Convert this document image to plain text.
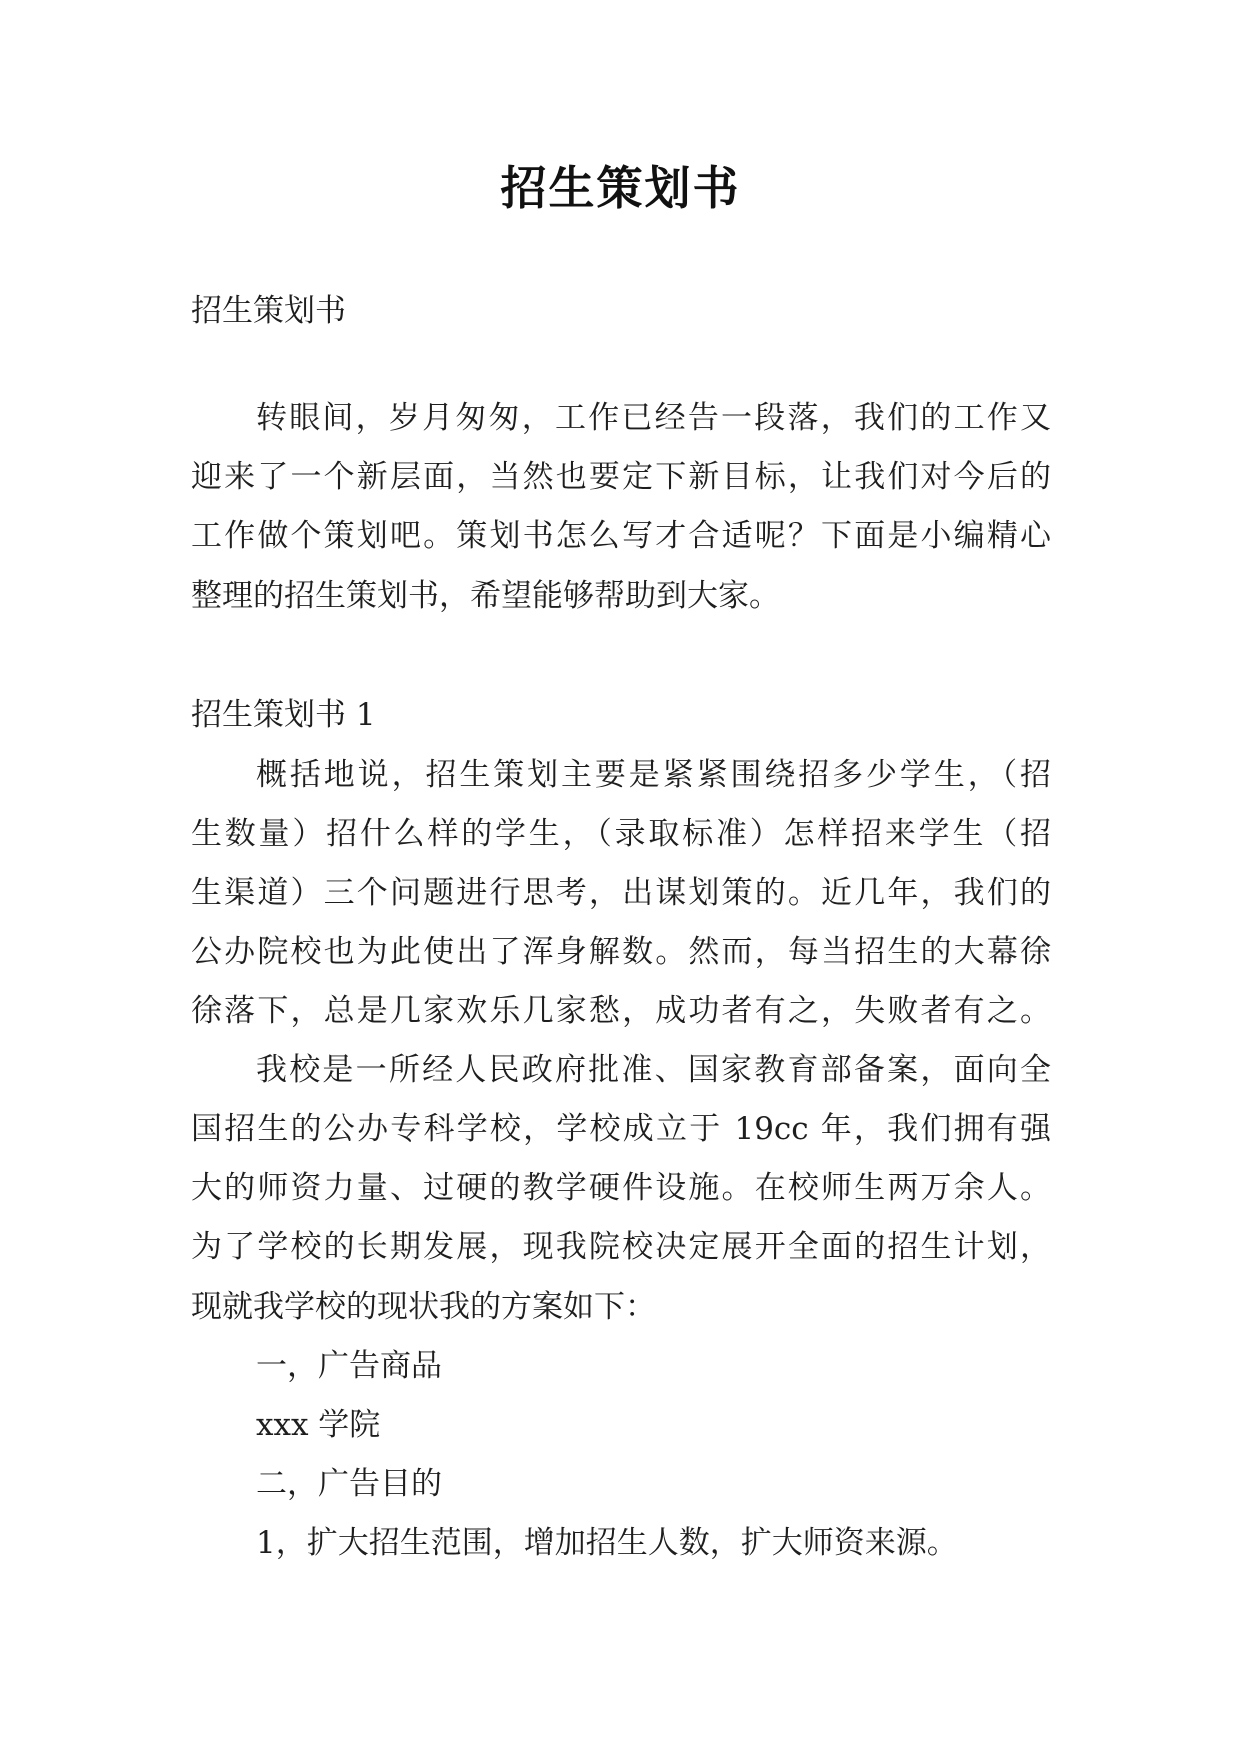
招生策划书
招生策划书
转眼间，岁月匆匆，工作已经告一段落，我们的工作又
迎来了一个新层面，当然也要定下新目标，让我们对今后的
工作做个策划吧。策划书怎么写才合适呢？下面是小编精心
整理的招生策划书，希望能够帮助到大家。
招生策划书 1
概括地说，招生策划主要是紧紧围绕招多少学生，（招
生数量）招什么样的学生，（录取标准）怎样招来学生（招
生渠道）三个问题进行思考，出谋划策的。近几年，我们的
公办院校也为此使出了浑身解数。然而，每当招生的大幕徐
徐落下，总是几家欢乐几家愁，成功者有之，失败者有之。
我校是一所经人民政府批准、国家教育部备案，面向全
国招生的公办专科学校，学校成立于 19cc 年，我们拥有强
大的师资力量、过硬的教学硬件设施。在校师生两万余人。
为了学校的长期发展，现我院校决定展开全面的招生计划，
现就我学校的现状我的方案如下：
一，广告商品
xxx 学院
二，广告目的
1，扩大招生范围，增加招生人数，扩大师资来源。
